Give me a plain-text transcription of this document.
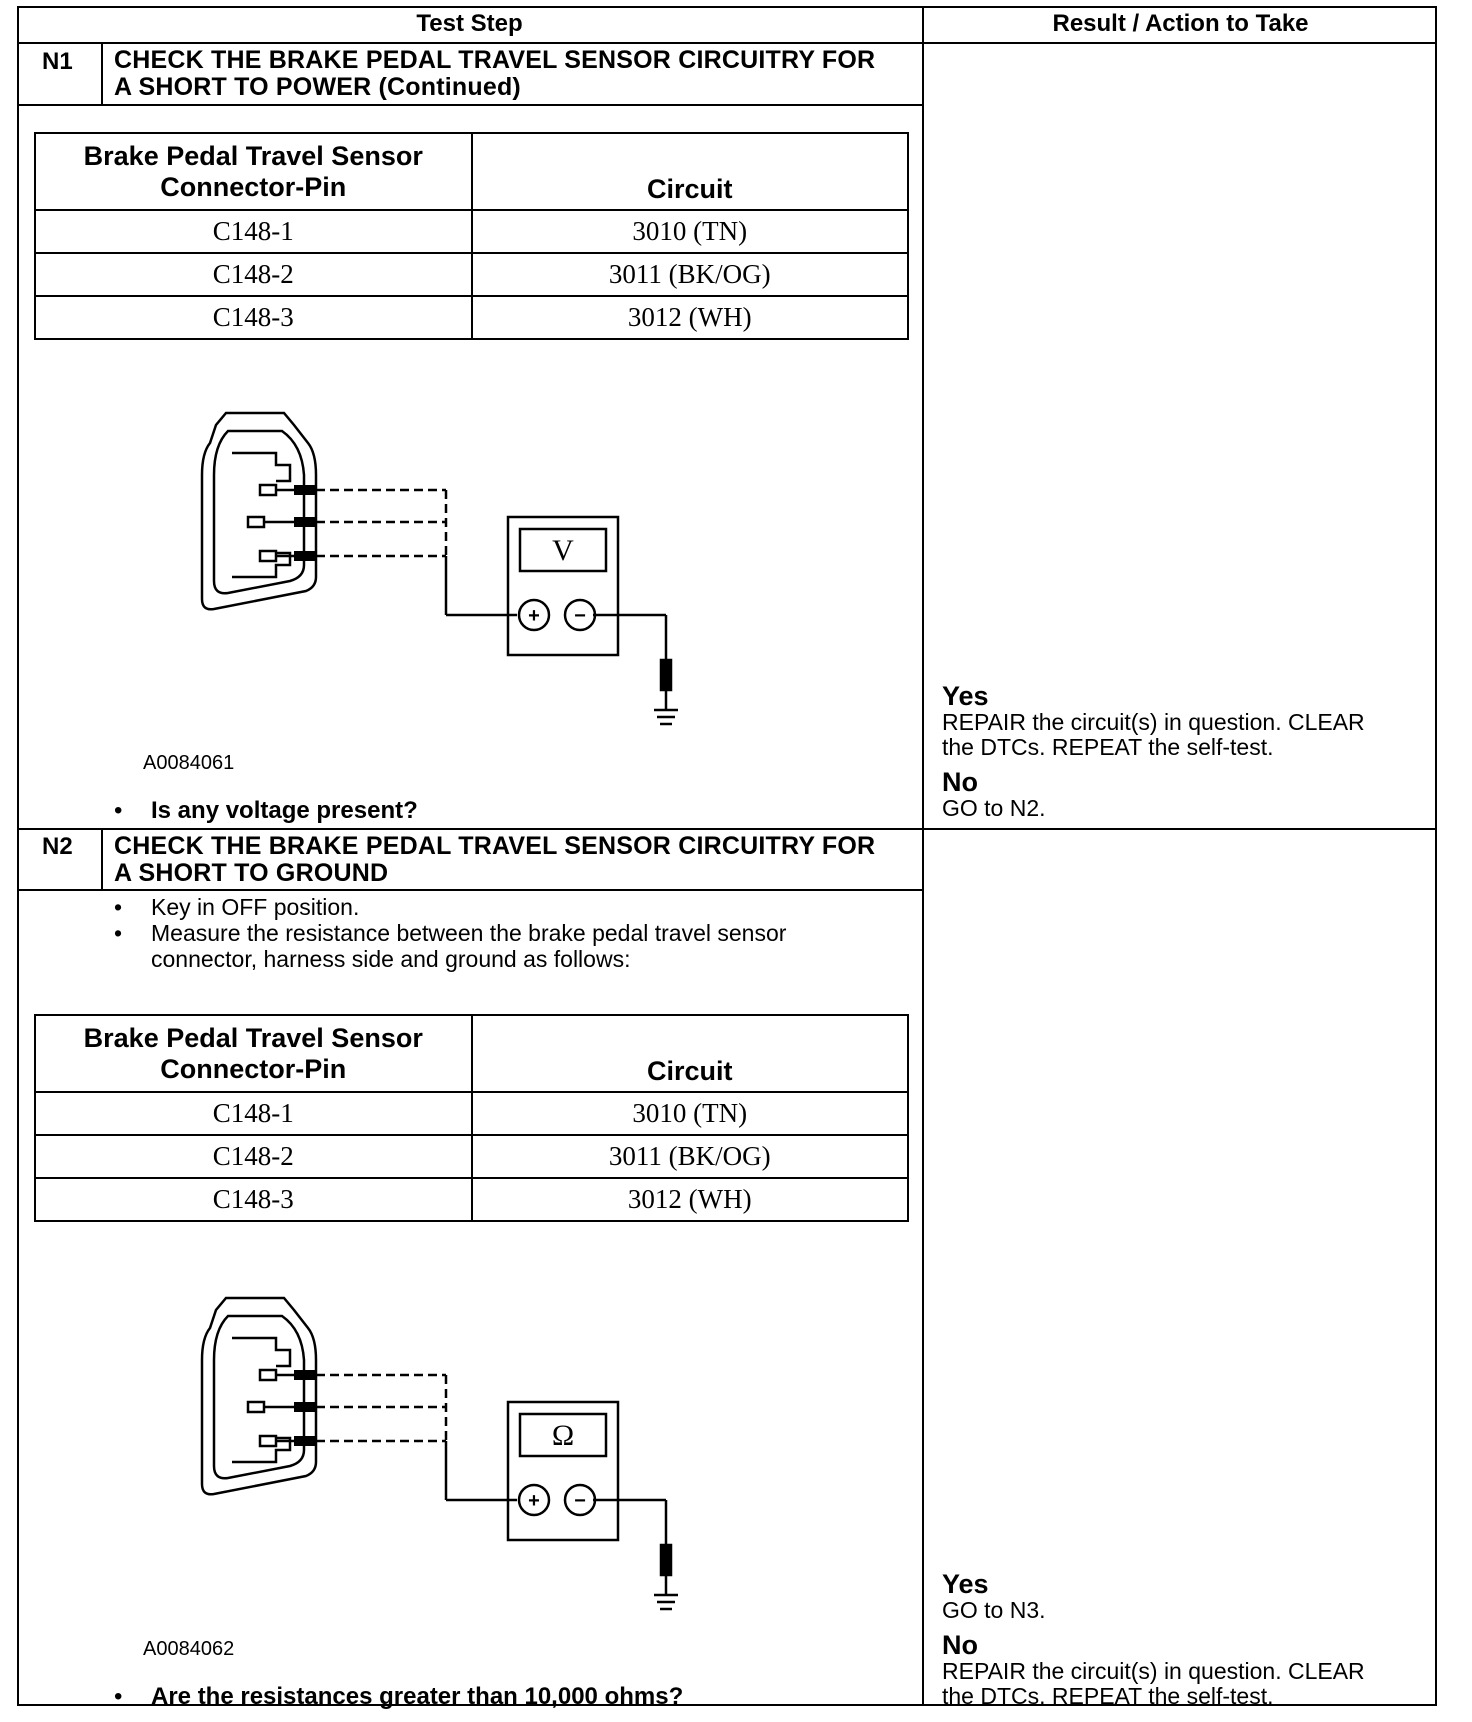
Test Step	Result / Action to Take
N1 CHECK THE BRAKE PEDAL TRAVEL SENSOR CIRCUITRY FOR
A SHORT TO POWER (Continued)
Brake Pedal Travel Sensor
Connector-Pin	Circuit
C148-1	3010 (TN)
C148-2	3011 (BK/OG)
C148-3	3012 (WH)
V
+ −
A0084061
• Is any voltage present?
Yes
REPAIR the circuit(s) in question. CLEAR
the DTCs. REPEAT the self-test.
No
GO to N2.
N2 CHECK THE BRAKE PEDAL TRAVEL SENSOR CIRCUITRY FOR
A SHORT TO GROUND
• Key in OFF position.
• Measure the resistance between the brake pedal travel sensor
connector, harness side and ground as follows:
Brake Pedal Travel Sensor
Connector-Pin	Circuit
C148-1	3010 (TN)
C148-2	3011 (BK/OG)
C148-3	3012 (WH)
Ω
+ −
A0084062
• Are the resistances greater than 10,000 ohms?
Yes
GO to N3.
No
REPAIR the circuit(s) in question. CLEAR
the DTCs. REPEAT the self-test.
